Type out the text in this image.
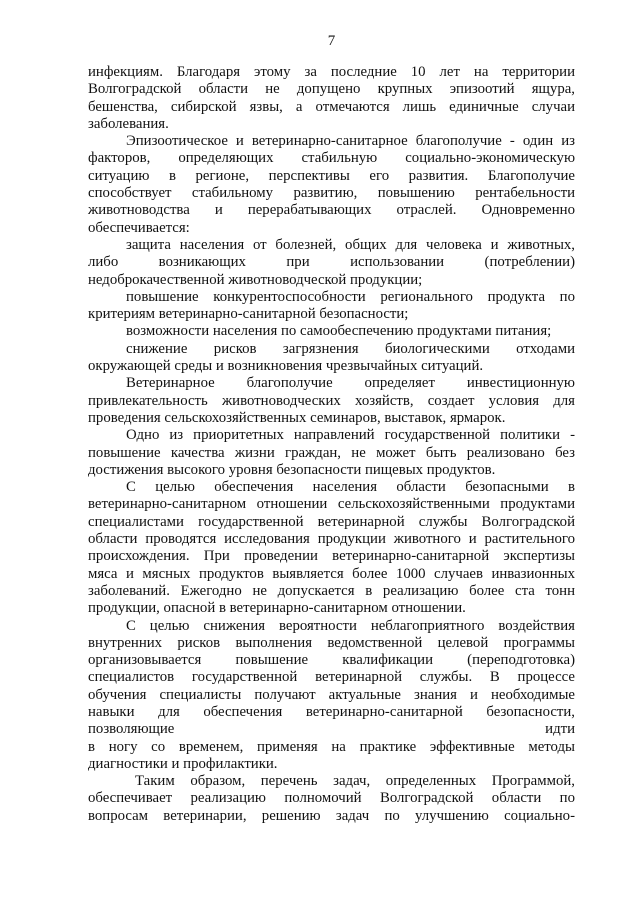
7
инфекциям. Благодаря этому за последние 10 лет на территории
Волгоградской области не допущено крупных эпизоотий ящура,
бешенства, сибирской язвы, а отмечаются лишь единичные случаи
заболевания.
Эпизоотическое и ветеринарно-санитарное благополучие - один из
факторов, определяющих стабильную социально-экономическую
ситуацию в регионе, перспективы его развития. Благополучие
способствует стабильному развитию, повышению рентабельности
животноводства и перерабатывающих отраслей. Одновременно
обеспечивается:
защита населения от болезней, общих для человека и животных,
либо возникающих при использовании (потреблении)
недоброкачественной животноводческой продукции;
повышение конкурентоспособности регионального продукта по
критериям ветеринарно-санитарной безопасности;
возможности населения по самообеспечению продуктами питания;
снижение рисков загрязнения биологическими отходами
окружающей среды и возникновения чрезвычайных ситуаций.
Ветеринарное благополучие определяет инвестиционную
привлекательность животноводческих хозяйств, создает условия для
проведения сельскохозяйственных семинаров, выставок, ярмарок.
Одно из приоритетных направлений государственной политики -
повышение качества жизни граждан, не может быть реализовано без
достижения высокого уровня безопасности пищевых продуктов.
С целью обеспечения населения области безопасными в
ветеринарно-санитарном отношении сельскохозяйственными продуктами
специалистами государственной ветеринарной службы Волгоградской
области проводятся исследования продукции животного и растительного
происхождения. При проведении ветеринарно-санитарной экспертизы
мяса и мясных продуктов выявляется более 1000 случаев инвазионных
заболеваний. Ежегодно не допускается в реализацию более ста тонн
продукции, опасной в ветеринарно-санитарном отношении.
С целью снижения вероятности неблагоприятного воздействия
внутренних рисков выполнения ведомственной целевой программы
организовывается повышение квалификации (переподготовка)
специалистов государственной ветеринарной службы. В процессе
обучения специалисты получают актуальные знания и необходимые
навыки для обеспечения ветеринарно-санитарной безопасности,
позволяющие идти
в ногу со временем, применяя на практике эффективные методы
диагностики и профилактики.
Таким образом, перечень задач, определенных Программой,
обеспечивает реализацию полномочий Волгоградской области по
вопросам ветеринарии, решению задач по улучшению социально-
